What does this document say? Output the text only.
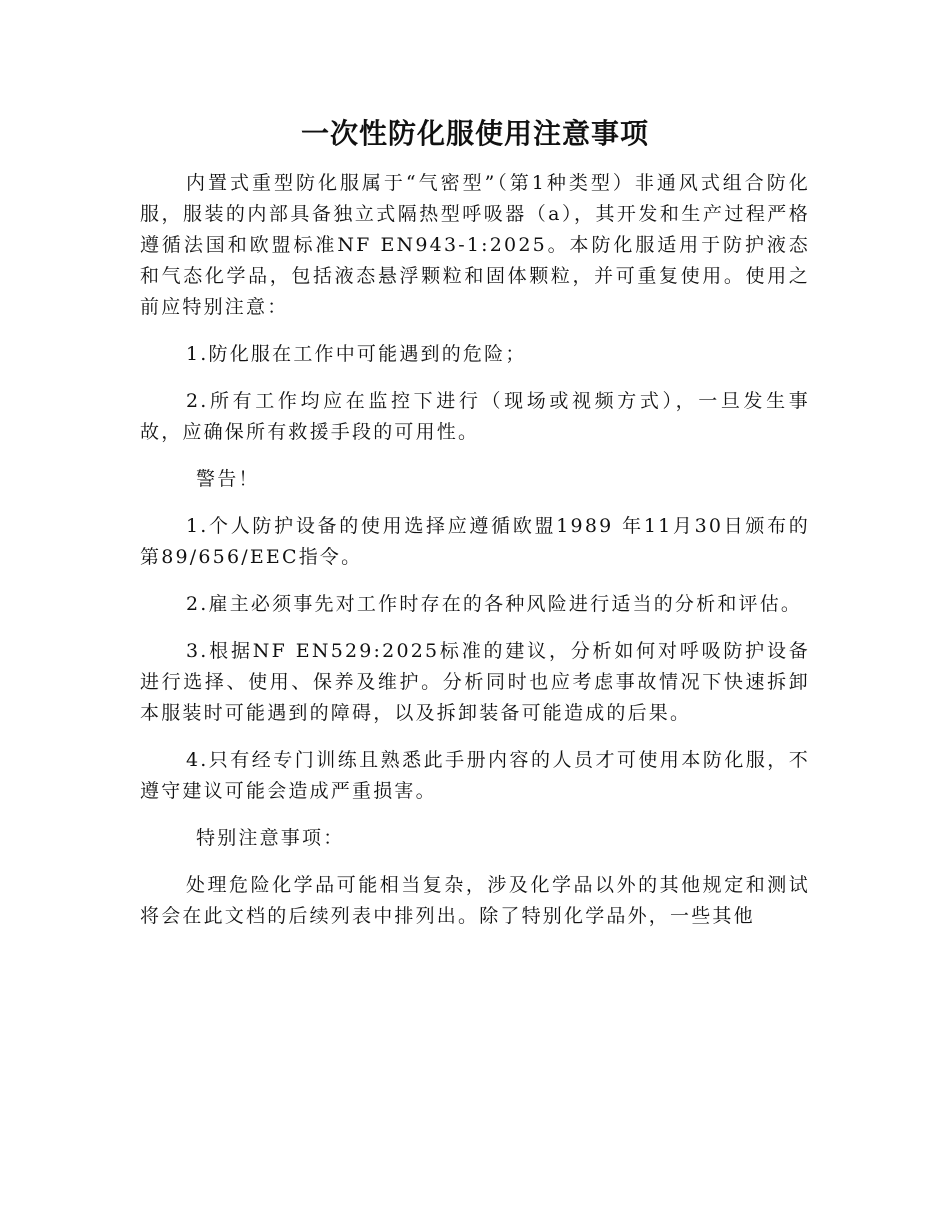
一次性防化服使用注意事项

内置式重型防化服属于“气密型”（第1种类型）非通风式组合防化服，服装的内部具备独立式隔热型呼吸器（a），其开发和生产过程严格遵循法国和欧盟标准NF EN943-1:2025。本防化服适用于防护液态和气态化学品，包括液态悬浮颗粒和固体颗粒，并可重复使用。使用之前应特别注意：

1.防化服在工作中可能遇到的危险；

2.所有工作均应在监控下进行（现场或视频方式），一旦发生事故，应确保所有救援手段的可用性。

警告！

1.个人防护设备的使用选择应遵循欧盟1989 年11月30日颁布的第89/656/EEC指令。

2.雇主必须事先对工作时存在的各种风险进行适当的分析和评估。

3.根据NF EN529:2025标准的建议，分析如何对呼吸防护设备进行选择、使用、保养及维护。分析同时也应考虑事故情况下快速拆卸本服装时可能遇到的障碍，以及拆卸装备可能造成的后果。

4.只有经专门训练且熟悉此手册内容的人员才可使用本防化服，不遵守建议可能会造成严重损害。

特别注意事项：

处理危险化学品可能相当复杂，涉及化学品以外的其他规定和测试将会在此文档的后续列表中排列出。除了特别化学品外，一些其他
